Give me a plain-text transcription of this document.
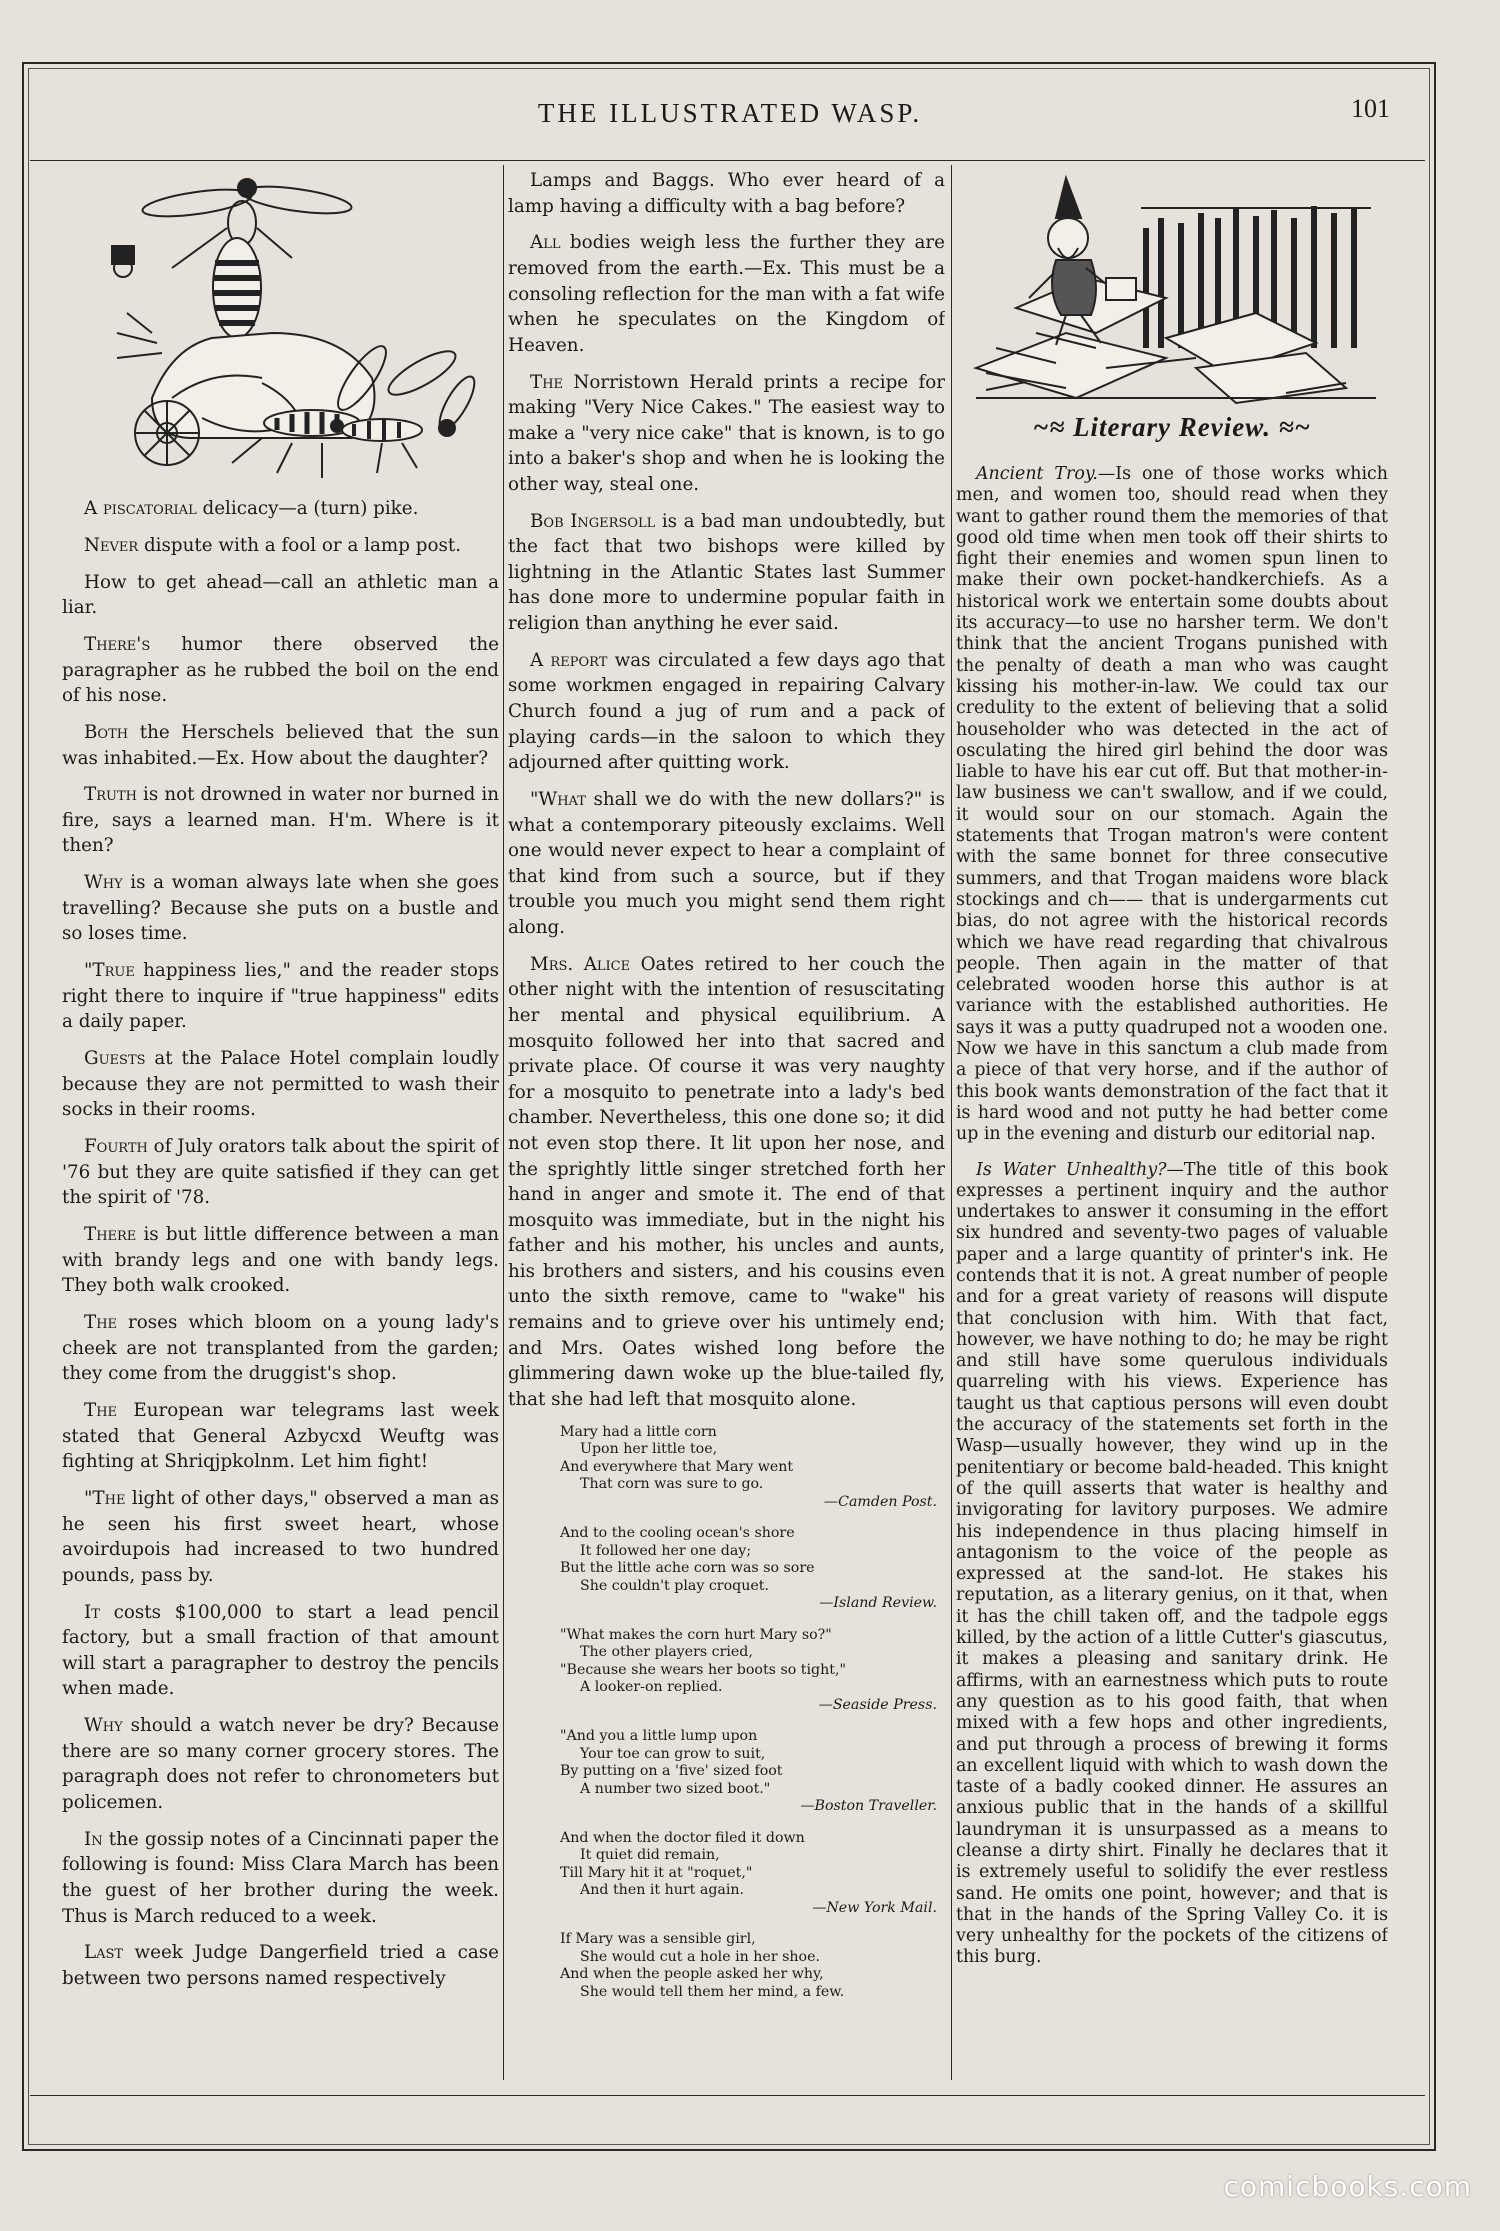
THE ILLUSTRATED WASP.	101

A piscatorial delicacy—a (turn) pike.

Never dispute with a fool or a lamp post.

How to get ahead—call an athletic man a liar.

There's humor there observed the paragrapher as he rubbed the boil on the end of his nose.

Both the Herschels believed that the sun was inhabited.—Ex. How about the daughter?

Truth is not drowned in water nor burned in fire, says a learned man. H'm. Where is it then?

Why is a woman always late when she goes travelling? Because she puts on a bustle and so loses time.

"True happiness lies," and the reader stops right there to inquire if "true happiness" edits a daily paper.

Guests at the Palace Hotel complain loudly because they are not permitted to wash their socks in their rooms.

Fourth of July orators talk about the spirit of '76 but they are quite satisfied if they can get the spirit of '78.

There is but little difference between a man with brandy legs and one with bandy legs. They both walk crooked.

The roses which bloom on a young lady's cheek are not transplanted from the garden; they come from the druggist's shop.

The European war telegrams last week stated that General Azbycxd Weuftg was fighting at Shriqjpkolnm. Let him fight!

"The light of other days," observed a man as he seen his first sweet heart, whose avoirdupois had increased to two hundred pounds, pass by.

It costs $100,000 to start a lead pencil factory, but a small fraction of that amount will start a paragrapher to destroy the pencils when made.

Why should a watch never be dry? Because there are so many corner grocery stores. The paragraph does not refer to chronometers but policemen.

In the gossip notes of a Cincinnati paper the following is found: Miss Clara March has been the guest of her brother during the week. Thus is March reduced to a week.

Last week Judge Dangerfield tried a case between two persons named respectively

Lamps and Baggs. Who ever heard of a lamp having a difficulty with a bag before?

All bodies weigh less the further they are removed from the earth.—Ex. This must be a consoling reflection for the man with a fat wife when he speculates on the Kingdom of Heaven.

The Norristown Herald prints a recipe for making "Very Nice Cakes." The easiest way to make a "very nice cake" that is known, is to go into a baker's shop and when he is looking the other way, steal one.

Bob Ingersoll is a bad man undoubtedly, but the fact that two bishops were killed by lightning in the Atlantic States last Summer has done more to undermine popular faith in religion than anything he ever said.

A report was circulated a few days ago that some workmen engaged in repairing Calvary Church found a jug of rum and a pack of playing cards—in the saloon to which they adjourned after quitting work.

"What shall we do with the new dollars?" is what a contemporary piteously exclaims. Well one would never expect to hear a complaint of that kind from such a source, but if they trouble you much you might send them right along.

Mrs. Alice Oates retired to her couch the other night with the intention of resuscitating her mental and physical equilibrium. A mosquito followed her into that sacred and private place. Of course it was very naughty for a mosquito to penetrate into a lady's bed chamber. Nevertheless, this one done so; it did not even stop there. It lit upon her nose, and the sprightly little singer stretched forth her hand in anger and smote it. The end of that mosquito was immediate, but in the night his father and his mother, his uncles and aunts, his brothers and sisters, and his cousins even unto the sixth remove, came to "wake" his remains and to grieve over his untimely end; and Mrs. Oates wished long before the glimmering dawn woke up the blue-tailed fly, that she had left that mosquito alone.

Mary had a little corn
Upon her little toe,
And everywhere that Mary went
That corn was sure to go.
—Camden Post.
And to the cooling ocean's shore
It followed her one day;
But the little ache corn was so sore
She couldn't play croquet.
—Island Review.
"What makes the corn hurt Mary so?"
The other players cried,
"Because she wears her boots so tight,"
A looker-on replied.
—Seaside Press.
"And you a little lump upon
Your toe can grow to suit,
By putting on a 'five' sized foot
A number two sized boot."
—Boston Traveller.
And when the doctor filed it down
It quiet did remain,
Till Mary hit it at "roquet,"
And then it hurt again.
—New York Mail.
If Mary was a sensible girl,
She would cut a hole in her shoe.
And when the people asked her why,
She would tell them her mind, a few.
~≈ Literary Review. ≈~

Ancient Troy.—Is one of those works which men, and women too, should read when they want to gather round them the memories of that good old time when men took off their shirts to fight their enemies and women spun linen to make their own pocket-handkerchiefs. As a historical work we entertain some doubts about its accuracy—to use no harsher term. We don't think that the ancient Trogans punished with the penalty of death a man who was caught kissing his mother-in-law. We could tax our credulity to the extent of believing that a solid householder who was detected in the act of osculating the hired girl behind the door was liable to have his ear cut off. But that mother-in-law business we can't swallow, and if we could, it would sour on our stomach. Again the statements that Trogan matron's were content with the same bonnet for three consecutive summers, and that Trogan maidens wore black stockings and ch—— that is undergarments cut bias, do not agree with the historical records which we have read regarding that chivalrous people. Then again in the matter of that celebrated wooden horse this author is at variance with the established authorities. He says it was a putty quadruped not a wooden one. Now we have in this sanctum a club made from a piece of that very horse, and if the author of this book wants demonstration of the fact that it is hard wood and not putty he had better come up in the evening and disturb our editorial nap.

Is Water Unhealthy?—The title of this book expresses a pertinent inquiry and the author undertakes to answer it consuming in the effort six hundred and seventy-two pages of valuable paper and a large quantity of printer's ink. He contends that it is not. A great number of people and for a great variety of reasons will dispute that conclusion with him. With that fact, however, we have nothing to do; he may be right and still have some querulous individuals quarreling with his views. Experience has taught us that captious persons will even doubt the accuracy of the statements set forth in the Wasp—usually however, they wind up in the penitentiary or become bald-headed. This knight of the quill asserts that water is healthy and invigorating for lavitory purposes. We admire his independence in thus placing himself in antagonism to the voice of the people as expressed at the sand-lot. He stakes his reputation, as a literary genius, on it that, when it has the chill taken off, and the tadpole eggs killed, by the action of a little Cutter's giascutus, it makes a pleasing and sanitary drink. He affirms, with an earnestness which puts to route any question as to his good faith, that when mixed with a few hops and other ingredients, and put through a process of brewing it forms an excellent liquid with which to wash down the taste of a badly cooked dinner. He assures an anxious public that in the hands of a skillful laundryman it is unsurpassed as a means to cleanse a dirty shirt. Finally he declares that it is extremely useful to solidify the ever restless sand. He omits one point, however; and that is that in the hands of the Spring Valley Co. it is very unhealthy for the pockets of the citizens of this burg.

comicbooks.com
